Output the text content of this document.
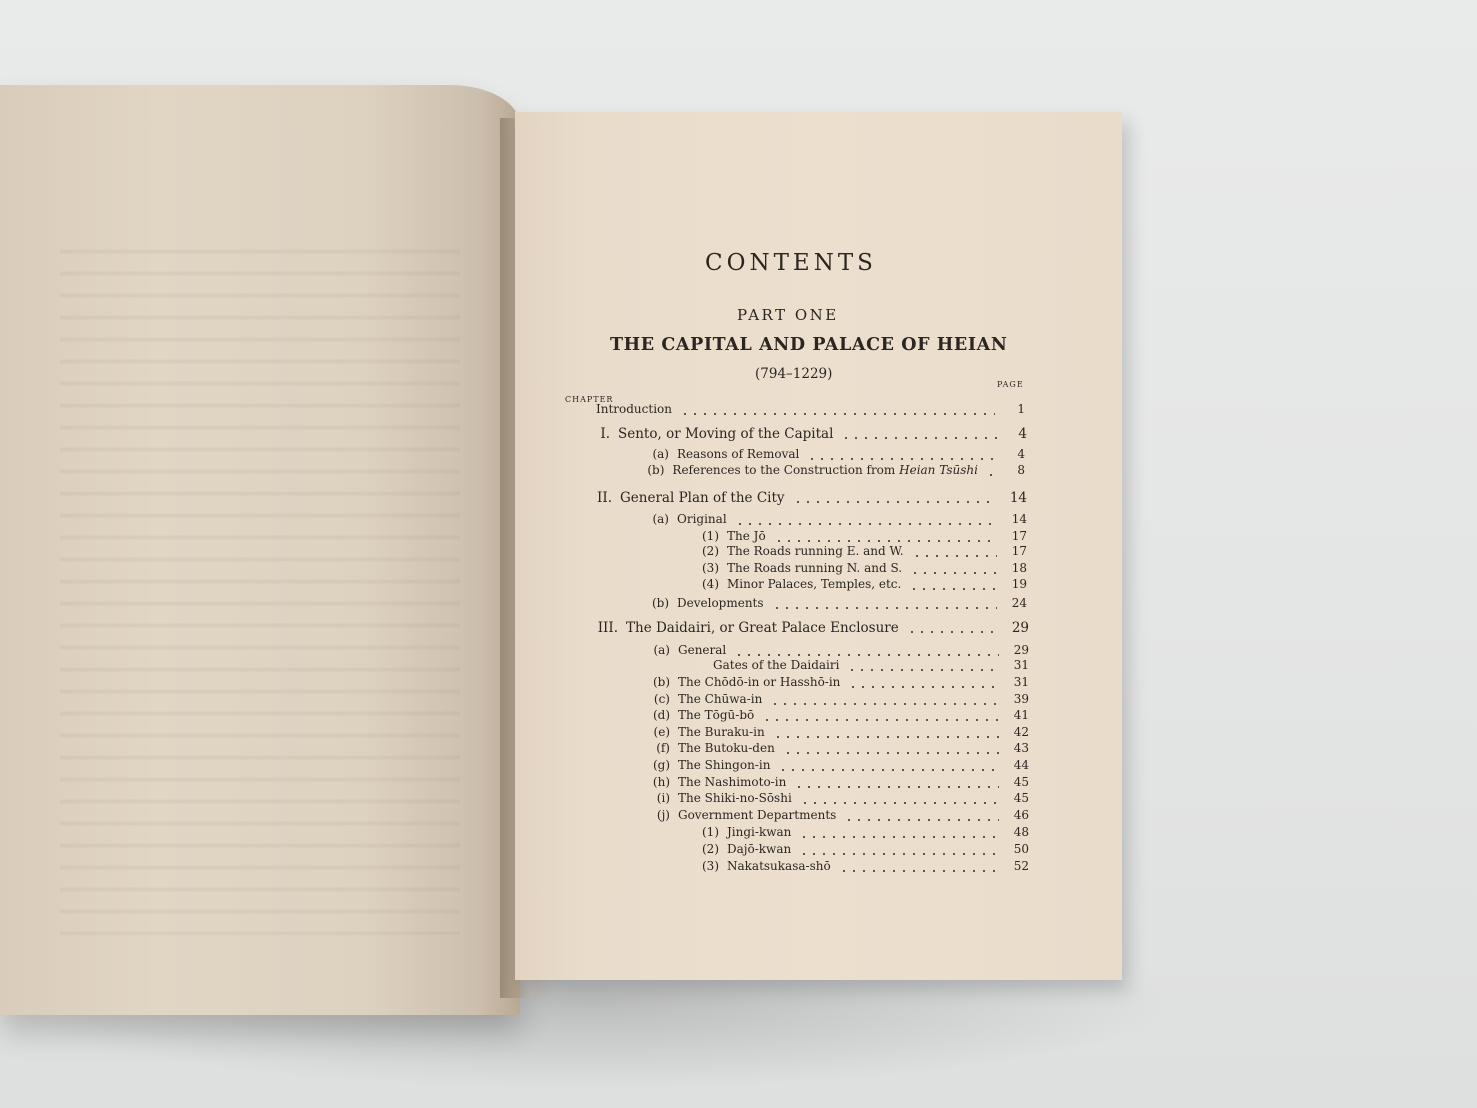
CONTENTS
PART ONE
THE CAPITAL AND PALACE OF HEIAN
(794–1229)
CHAPTER
PAGE
Introduction	1
I. Sento, or Moving of the Capital	4
(a) Reasons of Removal	4
(b) References to the Construction from Heian Tsūshi	8
II. General Plan of the City	14
(a) Original	14
(1) The Jō	17
(2) The Roads running E. and W.	17
(3) The Roads running N. and S.	18
(4) Minor Palaces, Temples, etc.	19
(b) Developments	24
III. The Daidairi, or Great Palace Enclosure	29
(a) General	29
Gates of the Daidairi	31
(b) The Chōdō-in or Hasshō-in	31
(c) The Chūwa-in	39
(d) The Tōgū-bō	41
(e) The Buraku-in	42
(f) The Butoku-den	43
(g) The Shingon-in	44
(h) The Nashimoto-in	45
(i) The Shiki-no-Sōshi	45
(j) Government Departments	46
(1) Jingi-kwan	48
(2) Dajō-kwan	50
(3) Nakatsukasa-shō	52
